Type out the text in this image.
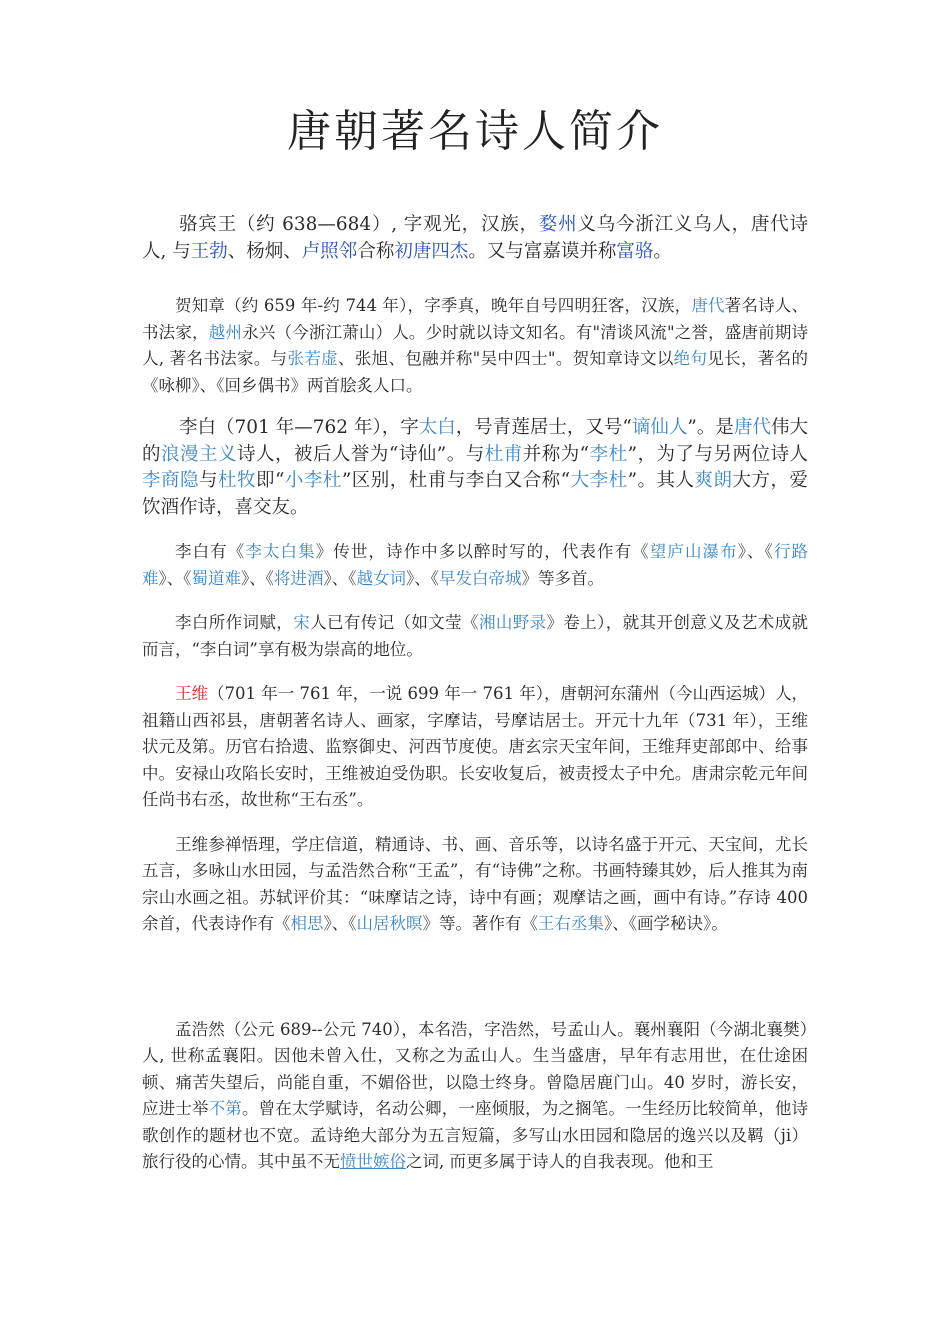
唐朝著名诗人简介

骆宾王（约 638—684）, 字观光，汉族，婺州义乌今浙江义乌人，唐代诗人, 与王勃、杨炯、卢照邻合称初唐四杰。又与富嘉谟并称富骆。

贺知章（约 659 年-约 744 年），字季真，晚年自号四明狂客，汉族，唐代著名诗人、书法家，越州永兴（今浙江萧山）人。少时就以诗文知名。有"清谈风流"之誉，盛唐前期诗人, 著名书法家。与张若虚、张旭、包融并称"吴中四士"。贺知章诗文以绝句见长，著名的《咏柳》、《回乡偶书》两首脍炙人口。

李白（701 年—762 年），字太白，号青莲居士，又号“谪仙人”。是唐代伟大的浪漫主义诗人，被后人誉为“诗仙”。与杜甫并称为“李杜”，为了与另两位诗人李商隐与杜牧即“小李杜”区别，杜甫与李白又合称“大李杜”。其人爽朗大方，爱饮酒作诗，喜交友。

李白有《李太白集》传世，诗作中多以醉时写的，代表作有《望庐山瀑布》、《行路难》、《蜀道难》、《将进酒》、《越女词》、《早发白帝城》等多首。

李白所作词赋，宋人已有传记（如文莹《湘山野录》卷上），就其开创意义及艺术成就而言，“李白词”享有极为崇高的地位。

王维（701 年一 761 年，一说 699 年一 761 年），唐朝河东蒲州（今山西运城）人，祖籍山西祁县，唐朝著名诗人、画家，字摩诘，号摩诘居士。开元十九年（731 年），王维状元及第。历官右拾遗、监察御史、河西节度使。唐玄宗天宝年间，王维拜吏部郎中、给事中。安禄山攻陷长安时，王维被迫受伪职。长安收复后，被责授太子中允。唐肃宗乾元年间任尚书右丞，故世称“王右丞”。

王维参禅悟理，学庄信道，精通诗、书、画、音乐等，以诗名盛于开元、天宝间，尤长五言，多咏山水田园，与孟浩然合称“王孟”，有“诗佛”之称。书画特臻其妙，后人推其为南宗山水画之祖。苏轼评价其：“味摩诘之诗，诗中有画；观摩诘之画，画中有诗。”存诗 400 余首，代表诗作有《相思》、《山居秋暝》等。著作有《王右丞集》、《画学秘诀》。

孟浩然（公元 689--公元 740），本名浩，字浩然，号孟山人。襄州襄阳（今湖北襄樊）人, 世称孟襄阳。因他未曾入仕，又称之为孟山人。生当盛唐，早年有志用世，在仕途困顿、痛苦失望后，尚能自重，不媚俗世，以隐士终身。曾隐居鹿门山。40 岁时，游长安，应进士举不第。曾在太学赋诗，名动公卿，一座倾服，为之搁笔。一生经历比较简单，他诗歌创作的题材也不宽。孟诗绝大部分为五言短篇，多写山水田园和隐居的逸兴以及羁（ji）旅行役的心情。其中虽不无愤世嫉俗之词, 而更多属于诗人的自我表现。他和王
